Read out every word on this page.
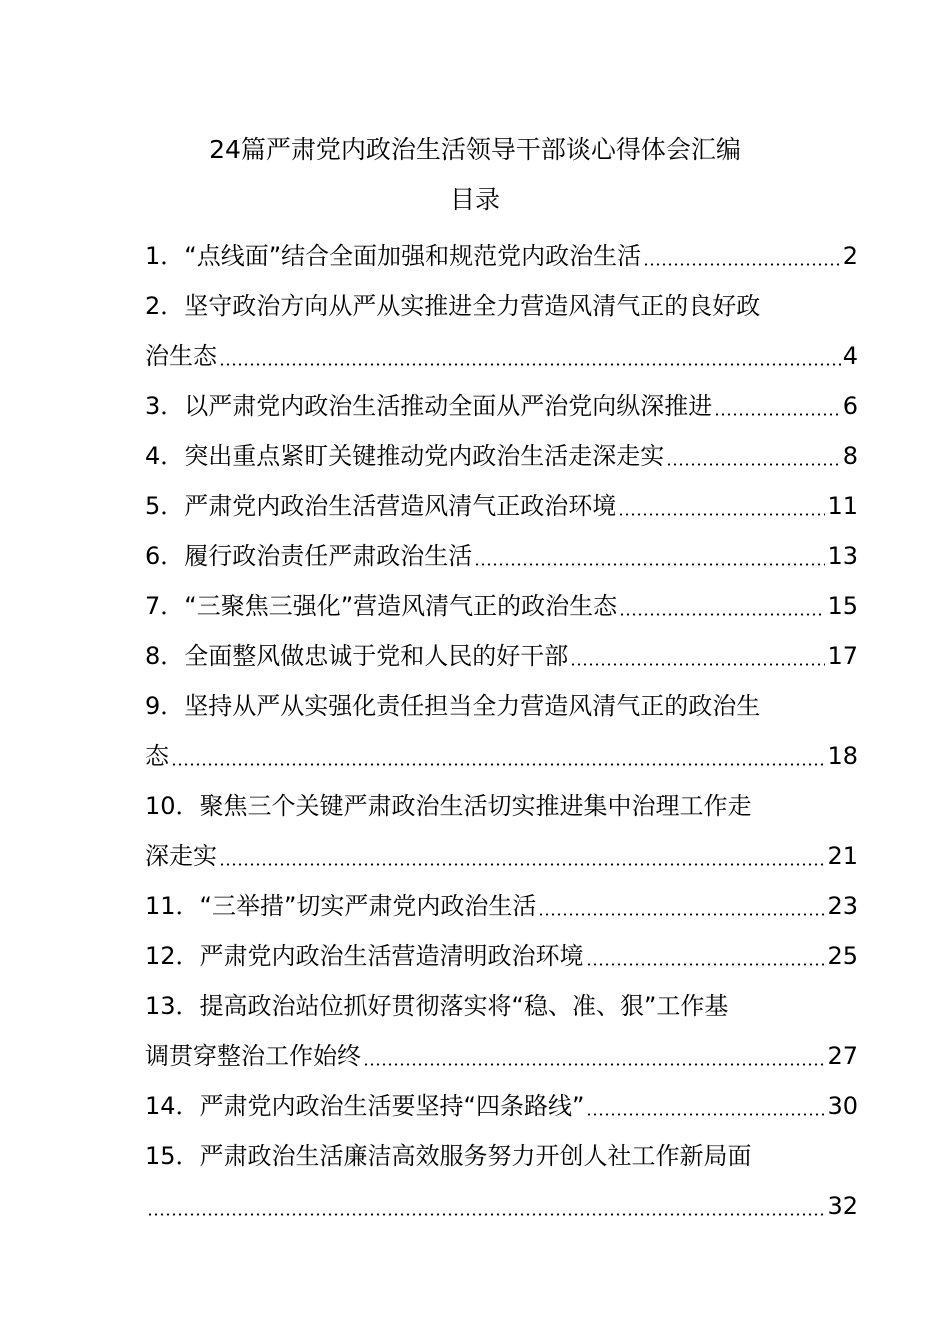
24篇严肃党内政治生活领导干部谈心得体会汇编
目录
1． “点线面”结合全面加强和规范党内政治生活	2
2． 坚守政治方向从严从实推进全力营造风清气正的良好政
治生态	4
3． 以严肃党内政治生活推动全面从严治党向纵深推进	6
4． 突出重点紧盯关键推动党内政治生活走深走实	8
5． 严肃党内政治生活营造风清气正政治环境	11
6． 履行政治责任严肃政治生活	13
7． “三聚焦三强化”营造风清气正的政治生态	15
8． 全面整风做忠诚于党和人民的好干部	17
9． 坚持从严从实强化责任担当全力营造风清气正的政治生
态	18
10． 聚焦三个关键严肃政治生活切实推进集中治理工作走
深走实	21
11． “三举措”切实严肃党内政治生活	23
12． 严肃党内政治生活营造清明政治环境	25
13． 提高政治站位抓好贯彻落实将“稳、准、狠”工作基
调贯穿整治工作始终	27
14． 严肃党内政治生活要坚持“四条路线”	30
15． 严肃政治生活廉洁高效服务努力开创人社工作新局面
32
